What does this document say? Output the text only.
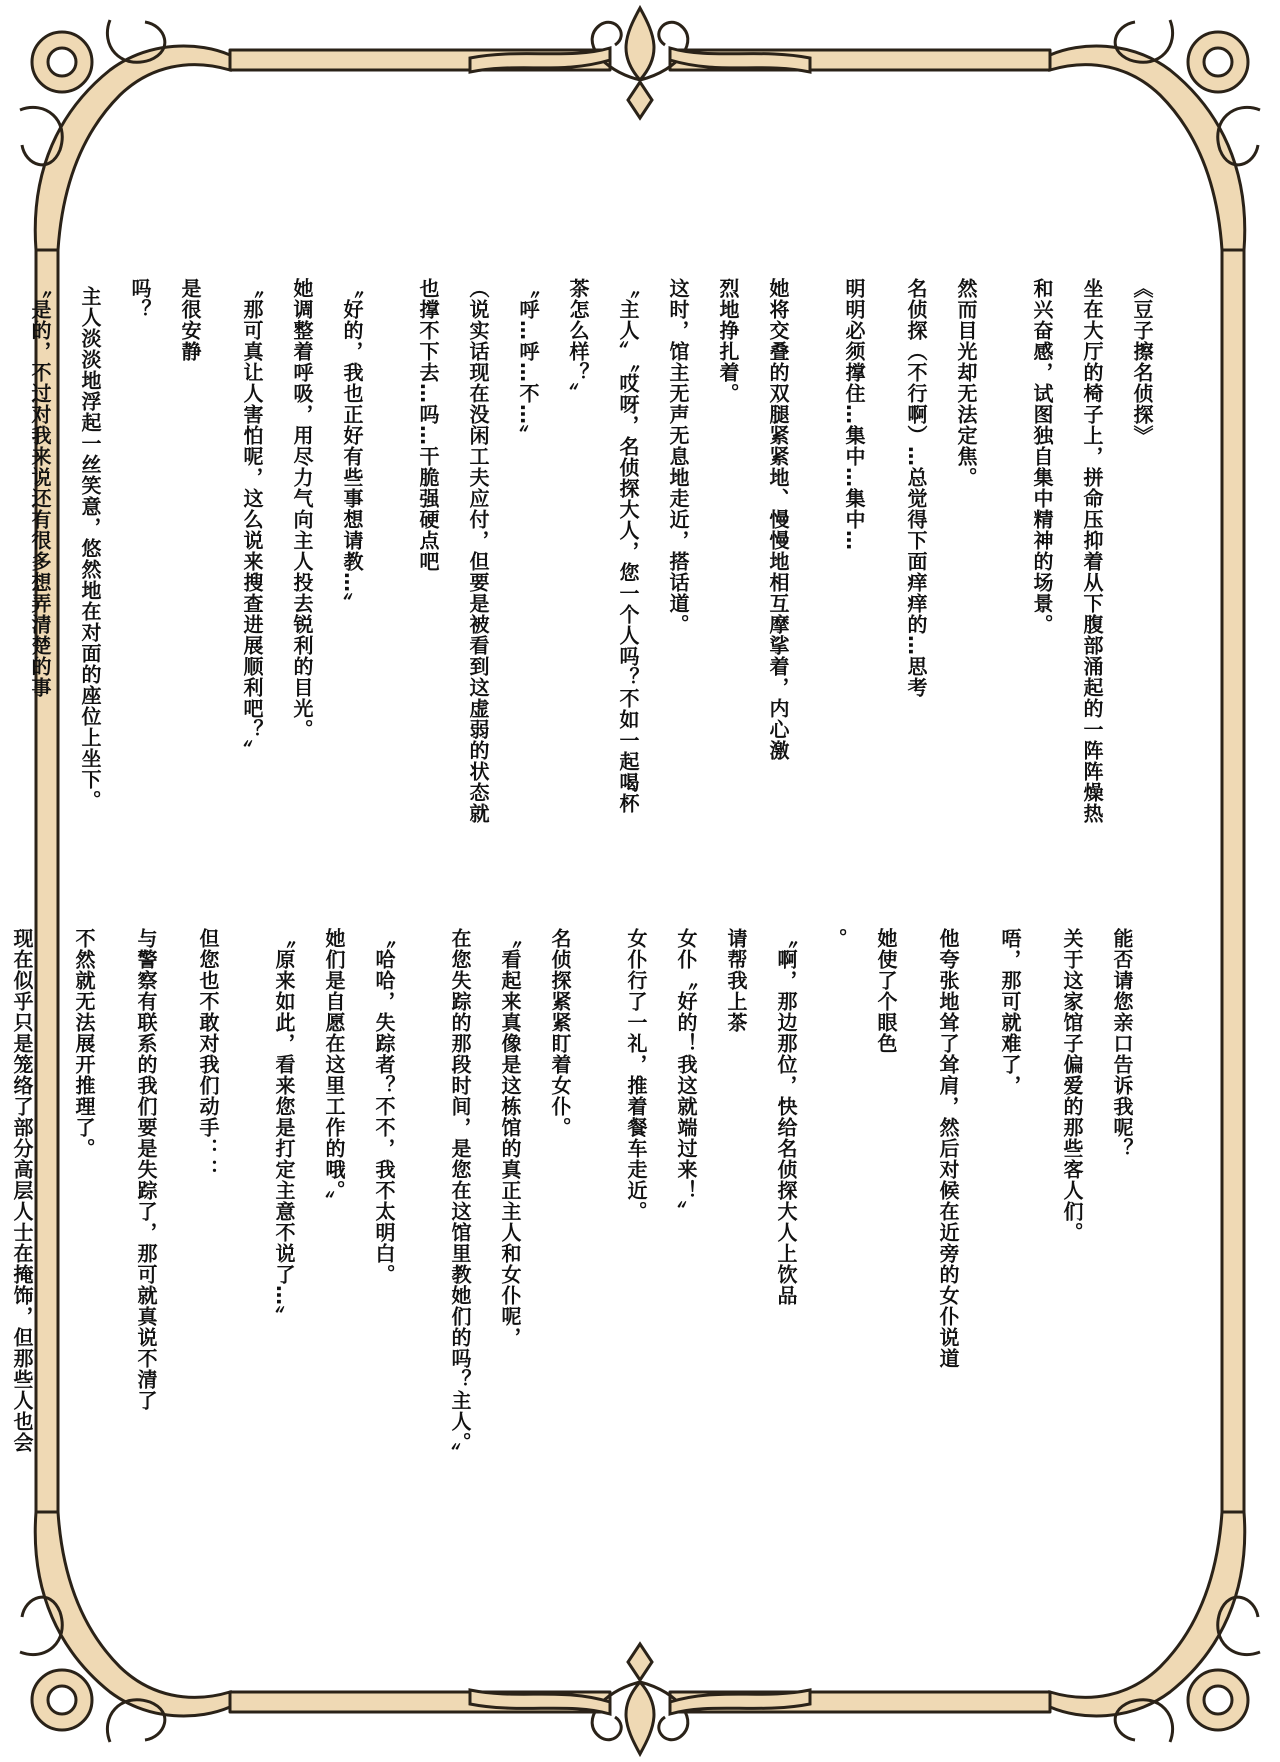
《豆子擦名侦探》
坐在大厅的椅子上，拼命压抑着从下腹部涌起的一阵阵燥热
和兴奋感，试图独自集中精神的场景。
然而目光却无法定焦。
名侦探（不行啊）…总觉得下面痒痒的…思考
明明必须撑住…集中…集中…
她将交叠的双腿紧紧地、慢慢地相互摩挲着，内心激
烈地挣扎着。
这时，馆主无声无息地走近，搭话道。
〝主人〞〝哎呀，名侦探大人，您一个人吗？不如一起喝杯
茶怎么样？〞
〝呼…呼…不…〞
（说实话现在没闲工夫应付，但要是被看到这虚弱的状态就
也撑不下去…吗…干脆强硬点吧
〝好的，我也正好有些事想请教…〞
她调整着呼吸，用尽力气向主人投去锐利的目光。
〝那可真让人害怕呢，这么说来搜查进展顺利吧？〞
是很安静
吗？
主人淡淡地浮起一丝笑意，悠然地在对面的座位上坐下。
〝是的，不过对我来说还有很多想弄清楚的事
能否请您亲口告诉我呢？
关于这家馆子偏爱的那些客人们。
唔，那可就难了，
他夸张地耸了耸肩，然后对候在近旁的女仆说道
她使了个眼色
。
〝啊，那边那位，快给名侦探大人上饮品
请帮我上茶
女仆〝好的！我这就端过来！〞
女仆行了一礼，推着餐车走近。
名侦探紧紧盯着女仆。
〝看起来真像是这栋馆的真正主人和女仆呢，
在您失踪的那段时间，是您在这馆里教她们的吗？主人。〞
〝哈哈，失踪者？不不，我不太明白。
她们是自愿在这里工作的哦。〞
〝原来如此，看来您是打定主意不说了…〞
但您也不敢对我们动手：：
与警察有联系的我们要是失踪了，那可就真说不清了
不然就无法展开推理了。
现在似乎只是笼络了部分高层人士在掩饰，但那些人也会
